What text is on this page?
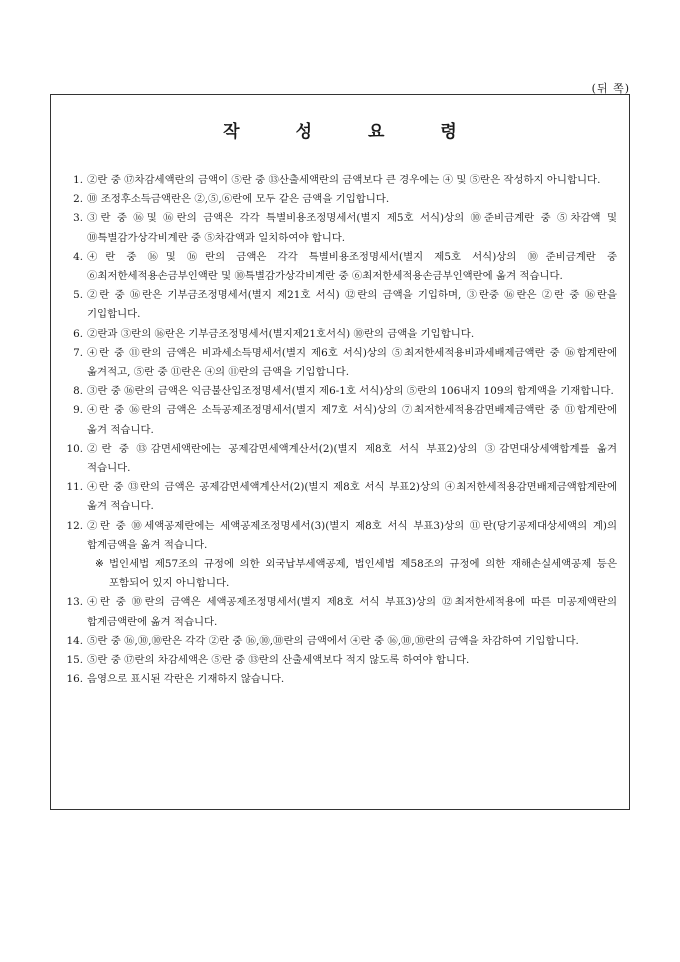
(뒤 쪽)
작성요령
1. ②란 중 ⑰차감세액란의 금액이 ⑤란 중 ⑬산출세액란의 금액보다 큰 경우에는 ④ 및 ⑤란은 작성하지 아니합니다.
2. ⑩ 조정후소득금액란은 ②,⑤,⑥란에 모두 같은 금액을 기입합니다.
3. ③란 중 ⑯및 ⑯란의 금액은 각각 특별비용조정명세서(별지 제5호 서식)상의 ⑩준비금계란 중 ⑤차감액 및 ⑩특별감가상각비계란 중 ⑤차감액과 일치하여야 합니다.
4. ④란 중 ⑯및 ⑯란의 금액은 각각 특별비용조정명세서(별지 제5호 서식)상의 ⑩준비금계란 중 ⑥최저한세적용손금부인액란 및 ⑩특별감가상각비계란 중 ⑥최저한세적용손금부인액란에 옮겨 적습니다.
5. ②란 중 ⑯란은 기부금조정명세서(별지 제21호 서식) ⑫란의 금액을 기입하며, ③란중 ⑯란은 ②란 중 ⑯란을 기입합니다.
6. ②란과 ③란의 ⑯란은 기부금조정명세서(별지제21호서식) ⑩란의 금액을 기입합니다.
7. ④란 중 ⑪란의 금액은 비과세소득명세서(별지 제6호 서식)상의 ⑤최저한세적용비과세배제금액란 중 ⑯합계란에 옮겨적고, ⑤란 중 ⑪란은 ④의 ⑪란의 금액을 기입합니다.
8. ③란 중 ⑯란의 금액은 익금불산입조정명세서(별지 제6-1호 서식)상의 ⑤란의 106내지 109의 합계액을 기재합니다.
9. ④란 중 ⑯란의 금액은 소득공제조정명세서(별지 제7호 서식)상의 ⑦최저한세적용감면배제금액란 중 ⑪합계란에 옮겨 적습니다.
10. ②란 중 ⑬감면세액란에는 공제감면세액계산서(2)(별지 제8호 서식 부표2)상의 ③감면대상세액합계를 옮겨 적습니다.
11. ④란 중 ⑬란의 금액은 공제감면세액계산서(2)(별지 제8호 서식 부표2)상의 ④최저한세적용감면배제금액합계란에 옮겨 적습니다.
12. ②란 중 ⑩세액공제란에는 세액공제조정명세서(3)(별지 제8호 서식 부표3)상의 ⑪란(당기공제대상세액의 계)의 합계금액을 옮겨 적습니다.
※ 법인세법 제57조의 규정에 의한 외국납부세액공제, 법인세법 제58조의 규정에 의한 재해손실세액공제 등은 포함되어 있지 아니합니다.
13. ④란 중 ⑩란의 금액은 세액공제조정명세서(별지 제8호 서식 부표3)상의 ⑫최저한세적용에 따른 미공제액란의 합계금액란에 옮겨 적습니다.
14. ⑤란 중 ⑯,⑩,⑩란은 각각 ②란 중 ⑯,⑩,⑩란의 금액에서 ④란 중 ⑯,⑩,⑩란의 금액을 차감하여 기입합니다.
15. ⑤란 중 ⑰란의 차감세액은 ⑤란 중 ⑬란의 산출세액보다 적지 않도록 하여야 합니다.
16. 음영으로 표시된 각란은 기재하지 않습니다.
